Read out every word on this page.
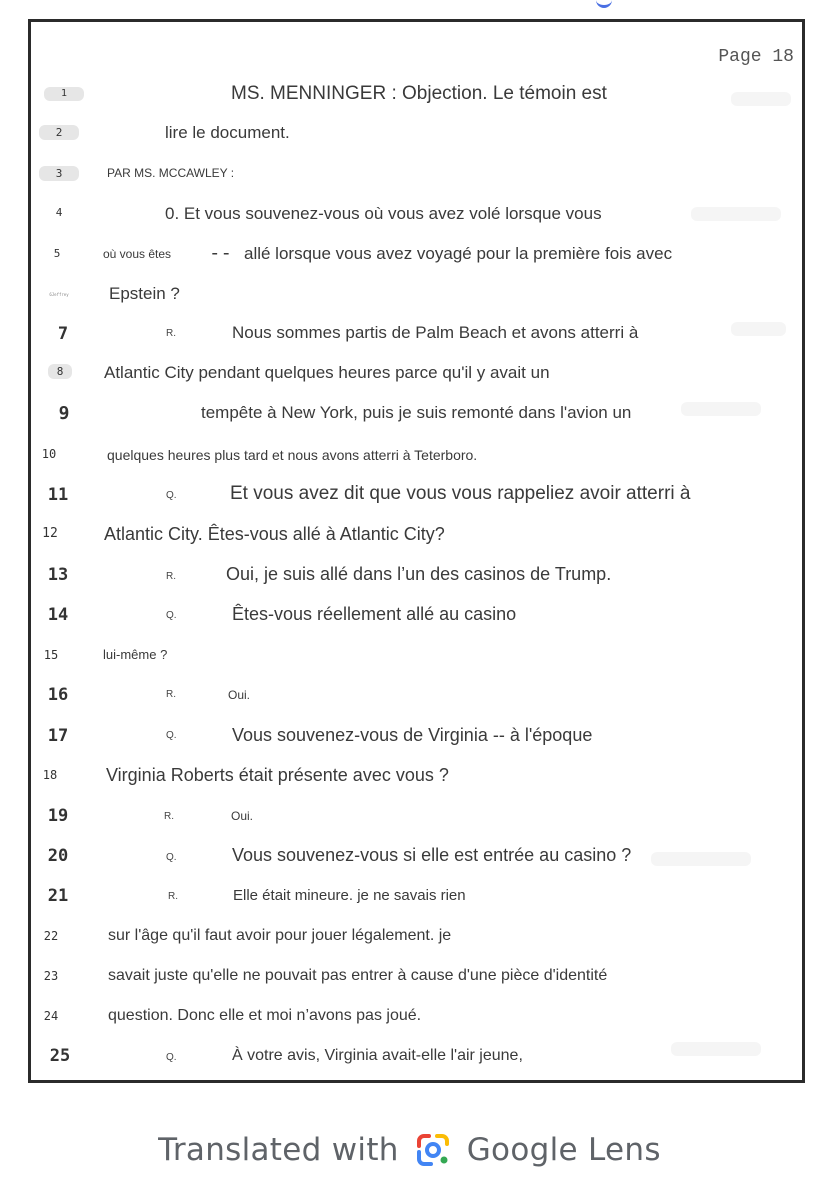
Page 18
1	MS. MENNINGER : Objection. Le témoin est
2	lire le document.
3	PAR MS. MCCAWLEY :
4	0. Et vous souvenez-vous où vous avez volé lorsque vous
5	où vous êtes -- allé lorsque vous avez voyagé pour la première fois avec
6Jeffrey	Epstein ?
7	R.	Nous sommes partis de Palm Beach et avons atterri à
8	Atlantic City pendant quelques heures parce qu'il y avait un
9	tempête à New York, puis je suis remonté dans l'avion un
10	quelques heures plus tard et nous avons atterri à Teterboro.
11	Q.	Et vous avez dit que vous vous rappeliez avoir atterri à
12	Atlantic City. Êtes-vous allé à Atlantic City?
13	R.	Oui, je suis allé dans l’un des casinos de Trump.
14	Q.	Êtes-vous réellement allé au casino
15	lui-même ?
16	R.	Oui.
17	Q.	Vous souvenez-vous de Virginia -- à l'époque
18	Virginia Roberts était présente avec vous ?
19	R.	Oui.
20	Q.	Vous souvenez-vous si elle est entrée au casino ?
21	R.	Elle était mineure. je ne savais rien
22	sur l'âge qu'il faut avoir pour jouer légalement. je
23	savait juste qu'elle ne pouvait pas entrer à cause d'une pièce d'identité
24	question. Donc elle et moi n’avons pas joué.
25	Q.	À votre avis, Virginia avait-elle l'air jeune,
Translated with Google Lens
